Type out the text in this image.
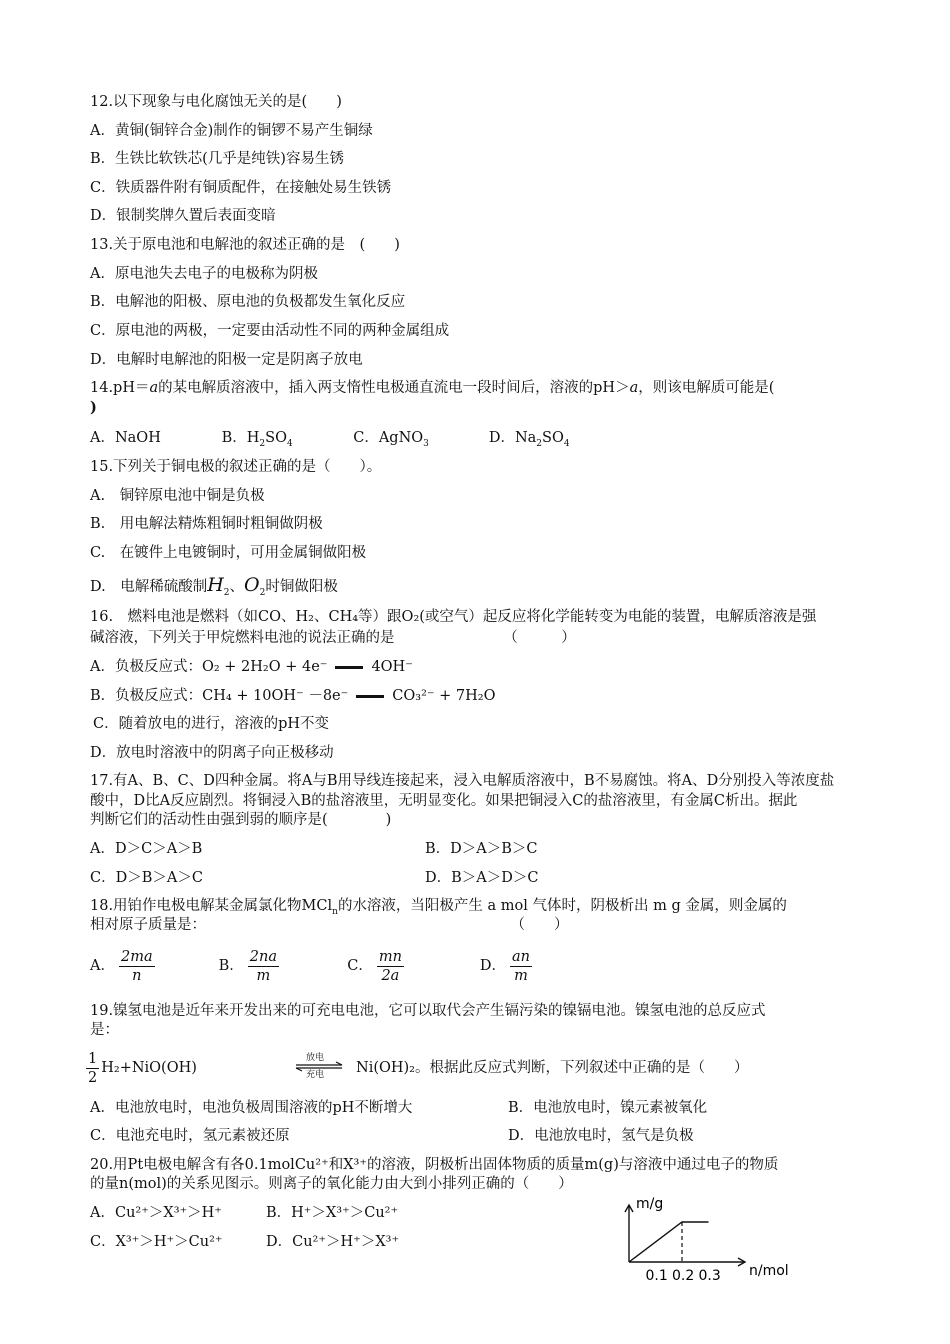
12.以下现象与电化腐蚀无关的是(　　)
A．黄铜(铜锌合金)制作的铜锣不易产生铜绿
B．生铁比软铁芯(几乎是纯铁)容易生锈
C．铁质器件附有铜质配件，在接触处易生铁锈
D．银制奖牌久置后表面变暗
13.关于原电池和电解池的叙述正确的是　(　　)
A．原电池失去电子的电极称为阴极
B．电解池的阳极、原电池的负极都发生氧化反应
C．原电池的两极，一定要由活动性不同的两种金属组成
D．电解时电解池的阳极一定是阴离子放电
14.pH＝a的某电解质溶液中，插入两支惰性电极通直流电一段时间后，溶液的pH＞a，则该电解质可能是(
)
A．NaOH	B．$H_2SO_4$	C．AgNO$_3$	D．$Na_2SO_4$
15.下列关于铜电极的叙述正确的是（　　）。
A.　铜锌原电池中铜是负极
B.　用电解法精炼粗铜时粗铜做阴极
C.　在镀件上电镀铜时，可用金属铜做阳极
D.　电解稀硫酸制$H_2$、$O_2$时铜做阳极
16.　燃料电池是燃料（如CO、H₂、CH₄等）跟O₂(或空气）起反应将化学能转变为电能的装置，电解质溶液是强
碱溶液，下列关于甲烷燃料电池的说法正确的是　　　　　　　　（　　　）
A．负极反应式：O₂ + 2H₂O + 4e⁻	4OH⁻
B．负极反应式：CH₄ + 10OH⁻ －8e⁻	CO₃²⁻ + 7H₂O
C．随着放电的进行，溶液的pH不变
D．放电时溶液中的阴离子向正极移动
17.有A、B、C、D四种金属。将A与B用导线连接起来，浸入电解质溶液中，B不易腐蚀。将A、D分别投入等浓度盐
酸中，D比A反应剧烈。将铜浸入B的盐溶液里，无明显变化。如果把铜浸入C的盐溶液里，有金属C析出。据此
判断它们的活动性由强到弱的顺序是(　　　　)
A．D＞C＞A＞B	B．D＞A＞B＞C
C．D＞B＞A＞C	D．B＞A＞D＞C
18.用铂作电极电解某金属氯化物MCl$_n$的水溶液，当阳极产生 a mol 气体时，阴极析出 m g 金属，则金属的
相对原子质量是：　　　　　　　　　　　　　　　　　　　　　　（　　）
A． $\frac{2ma}{n}$	B． $\frac{2na}{m}$	C． $\frac{mn}{2a}$	D． $\frac{an}{m}$
19.镍氢电池是近年来开发出来的可充电电池，它可以取代会产生镉污染的镍镉电池。镍氢电池的总反应式
是：
$\frac{1}{2} H_2+NiO(OH)$
放电
充电 Ni(OH)₂。根据此反应式判断，下列叙述中正确的是（　　）
A．电池放电时，电池负极周围溶液的pH不断增大	B．电池放电时，镍元素被氧化
C．电池充电时，氢元素被还原	D．电池放电时，氢气是负极
20.用Pt电极电解含有各0.1molCu²⁺和X³⁺的溶液，阴极析出固体物质的质量m(g)与溶液中通过电子的物质
的量n(mol)的关系见图示。则离子的氧化能力由大到小排列正确的（　　）
A．Cu²⁺＞X³⁺＞H⁺	B．H⁺＞X³⁺＞Cu²⁺
C．X³⁺＞H⁺＞Cu²⁺	D．Cu²⁺＞H⁺＞X³⁺
m/g
n/mol
0.1 0.2 0.3
